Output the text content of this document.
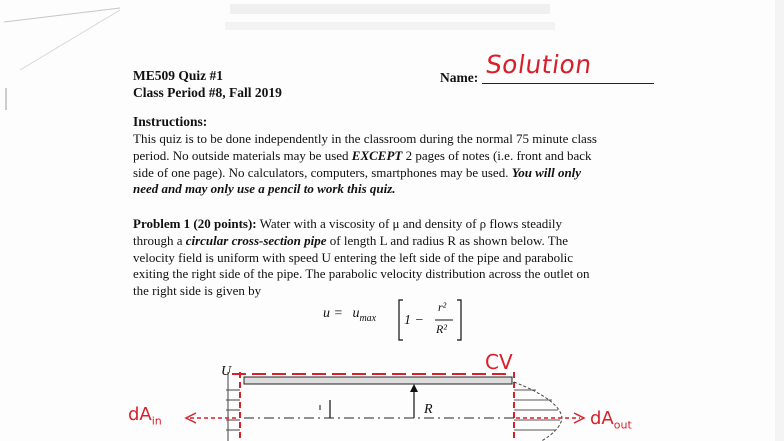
ME509 Quiz #1
Class Period #8, Fall 2019
Name: Solution
Instructions:
This quiz is to be done independently in the classroom during the normal 75 minute class
period. No outside materials may be used EXCEPT 2 pages of notes (i.e. front and back
side of one page). No calculators, computers, smartphones may be used. You will only
need and may only use a pencil to work this quiz.
Problem 1 (20 points): Water with a viscosity of μ and density of ρ flows steadily
through a circular cross-section pipe of length L and radius R as shown below. The
velocity field is uniform with speed U entering the left side of the pipe and parabolic
exiting the right side of the pipe. The parabolic velocity distribution across the outlet on
the right side is given by
$u = u_{max}$ 1 −
r²
R²
U
R
CV
$dA_{in}$	$dA_{out}$
